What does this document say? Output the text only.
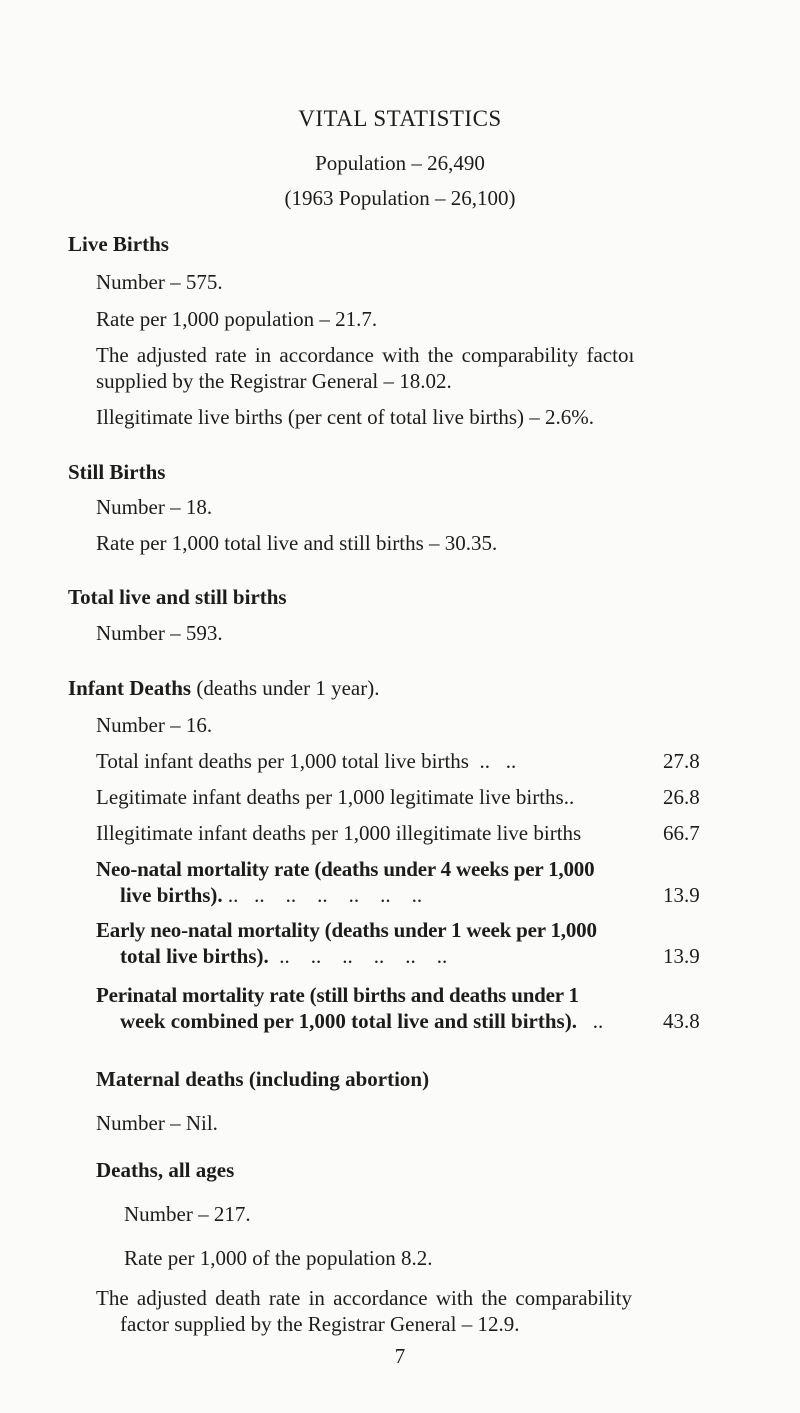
VITAL STATISTICS
Population – 26,490
(1963 Population – 26,100)
Live Births
Number – 575.
Rate per 1,000 population – 21.7.
The adjusted rate in accordance with the comparability factoı
supplied by the Registrar General – 18.02.
Illegitimate live births (per cent of total live births) – 2.6%.
Still Births
Number – 18.
Rate per 1,000 total live and still births – 30.35.
Total live and still births
Number – 593.
Infant Deaths (deaths under 1 year).
Number – 16.
Total infant deaths per 1,000 total live births  ..   ..	27.8
Legitimate infant deaths per 1,000 legitimate live births..	26.8
Illegitimate infant deaths per 1,000 illegitimate live births	66.7
Neo-natal mortality rate (deaths under 4 weeks per 1,000
live births). ..   ..    ..    ..    ..    ..    ..	13.9
Early neo-natal mortality (deaths under 1 week per 1,000
total live births).  ..    ..    ..    ..    ..    ..	13.9
Perinatal mortality rate (still births and deaths under 1
week combined per 1,000 total live and still births).   ..	43.8
Maternal deaths (including abortion)
Number – Nil.
Deaths, all ages
Number – 217.
Rate per 1,000 of the population 8.2.
The adjusted death rate in accordance with the comparability
factor supplied by the Registrar General – 12.9.
7
